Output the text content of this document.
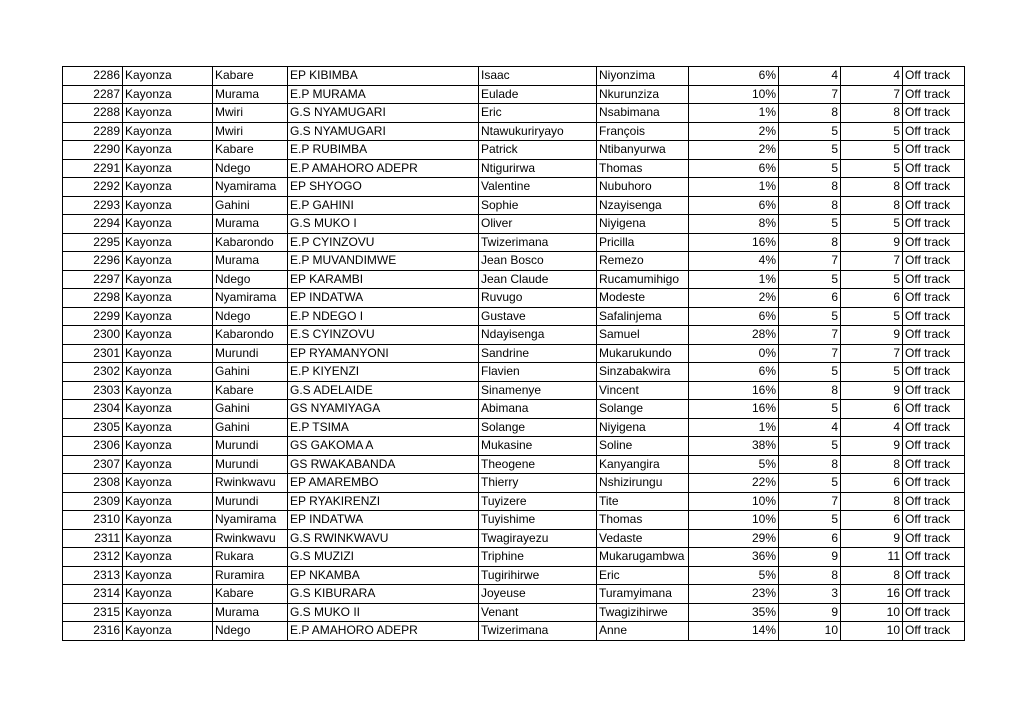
2286	Kayonza	Kabare	EP KIBIMBA	Isaac	Niyonzima	6%	4	4	Off track
2287	Kayonza	Murama	E.P MURAMA	Eulade	Nkurunziza	10%	7	7	Off track
2288	Kayonza	Mwiri	G.S NYAMUGARI	Eric	Nsabimana	1%	8	8	Off track
2289	Kayonza	Mwiri	G.S NYAMUGARI	Ntawukuriryayo	François	2%	5	5	Off track
2290	Kayonza	Kabare	E.P RUBIMBA	Patrick	Ntibanyurwa	2%	5	5	Off track
2291	Kayonza	Ndego	E.P AMAHORO ADEPR	Ntigurirwa	Thomas	6%	5	5	Off track
2292	Kayonza	Nyamirama	EP SHYOGO	Valentine	Nubuhoro	1%	8	8	Off track
2293	Kayonza	Gahini	E.P GAHINI	Sophie	Nzayisenga	6%	8	8	Off track
2294	Kayonza	Murama	G.S MUKO I	Oliver	Niyigena	8%	5	5	Off track
2295	Kayonza	Kabarondo	E.P CYINZOVU	Twizerimana	Pricilla	16%	8	9	Off track
2296	Kayonza	Murama	E.P MUVANDIMWE	Jean Bosco	Remezo	4%	7	7	Off track
2297	Kayonza	Ndego	EP KARAMBI	Jean Claude	Rucamumihigo	1%	5	5	Off track
2298	Kayonza	Nyamirama	EP INDATWA	Ruvugo	Modeste	2%	6	6	Off track
2299	Kayonza	Ndego	E.P NDEGO I	Gustave	Safalinjema	6%	5	5	Off track
2300	Kayonza	Kabarondo	E.S CYINZOVU	Ndayisenga	Samuel	28%	7	9	Off track
2301	Kayonza	Murundi	EP RYAMANYONI	Sandrine	Mukarukundo	0%	7	7	Off track
2302	Kayonza	Gahini	E.P KIYENZI	Flavien	Sinzabakwira	6%	5	5	Off track
2303	Kayonza	Kabare	G.S ADELAIDE	Sinamenye	Vincent	16%	8	9	Off track
2304	Kayonza	Gahini	GS NYAMIYAGA	Abimana	Solange	16%	5	6	Off track
2305	Kayonza	Gahini	E.P TSIMA	Solange	Niyigena	1%	4	4	Off track
2306	Kayonza	Murundi	GS GAKOMA A	Mukasine	Soline	38%	5	9	Off track
2307	Kayonza	Murundi	GS RWAKABANDA	Theogene	Kanyangira	5%	8	8	Off track
2308	Kayonza	Rwinkwavu	EP AMAREMBO	Thierry	Nshizirungu	22%	5	6	Off track
2309	Kayonza	Murundi	EP RYAKIRENZI	Tuyizere	Tite	10%	7	8	Off track
2310	Kayonza	Nyamirama	EP INDATWA	Tuyishime	Thomas	10%	5	6	Off track
2311	Kayonza	Rwinkwavu	G.S RWINKWAVU	Twagirayezu	Vedaste	29%	6	9	Off track
2312	Kayonza	Rukara	G.S MUZIZI	Triphine	Mukarugambwa	36%	9	11	Off track
2313	Kayonza	Ruramira	EP NKAMBA	Tugirihirwe	Eric	5%	8	8	Off track
2314	Kayonza	Kabare	G.S KIBURARA	Joyeuse	Turamyimana	23%	3	16	Off track
2315	Kayonza	Murama	G.S MUKO II	Venant	Twagizihirwe	35%	9	10	Off track
2316	Kayonza	Ndego	E.P AMAHORO ADEPR	Twizerimana	Anne	14%	10	10	Off track
